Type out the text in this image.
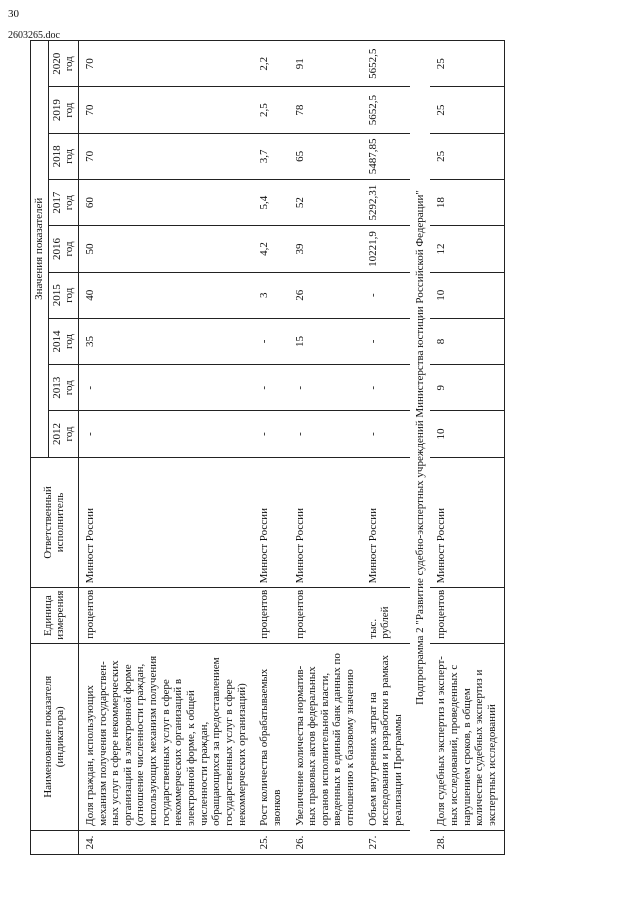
30
2603265.doc
	Наименование показателя (индикатора)	Единица измерения	Ответственный исполнитель	Значения показателей								
				2012 год	2013 год	2014 год	2015 год	2016 год	2017 год	2018 год	2019 год	2020 год
24.	Доля граждан, использующих механизм получения государствен-ных услуг в сфере некоммерческих организаций в электронной форме (отношение численности граждан, использующих механизм получения государственных услуг в сфере некоммерческих организаций в электронной форме, к общей численности граждан, обращающихся за предоставлением государственных услуг в сфере некоммерческих организаций)	процентов	Минюст России	-	-	35	40	50	60	70	70	70
25.	Рост количества обрабатываемых звонков	процентов	Минюст России	-	-	-	3	4,2	5,4	3,7	2,5	2,2
26.	Увеличение количества норматив-ных правовых актов федеральных органов исполнительной власти, введенных в единый банк данных по отношению к базовому значению	процентов	Минюст России	-	-	15	26	39	52	65	78	91
27.	Объем внутренних затрат на исследования и разработки в рамках реализации Программы	тыс. рублей	Минюст России	-	-	-	-	10221,9	5292,31	5487,85	5652,5	5652,5
Подпрограмма 2 "Развитие судебно-экспертных учреждений Министерства юстиции Российской Федерации"												
28.	Доля судебных экспертиз и эксперт-ных исследований, проведенных с нарушением сроков, в общем количестве судебных экспертиз и экспертных исследований	процентов	Минюст России	10	9	8	10	12	18	25	25	25
